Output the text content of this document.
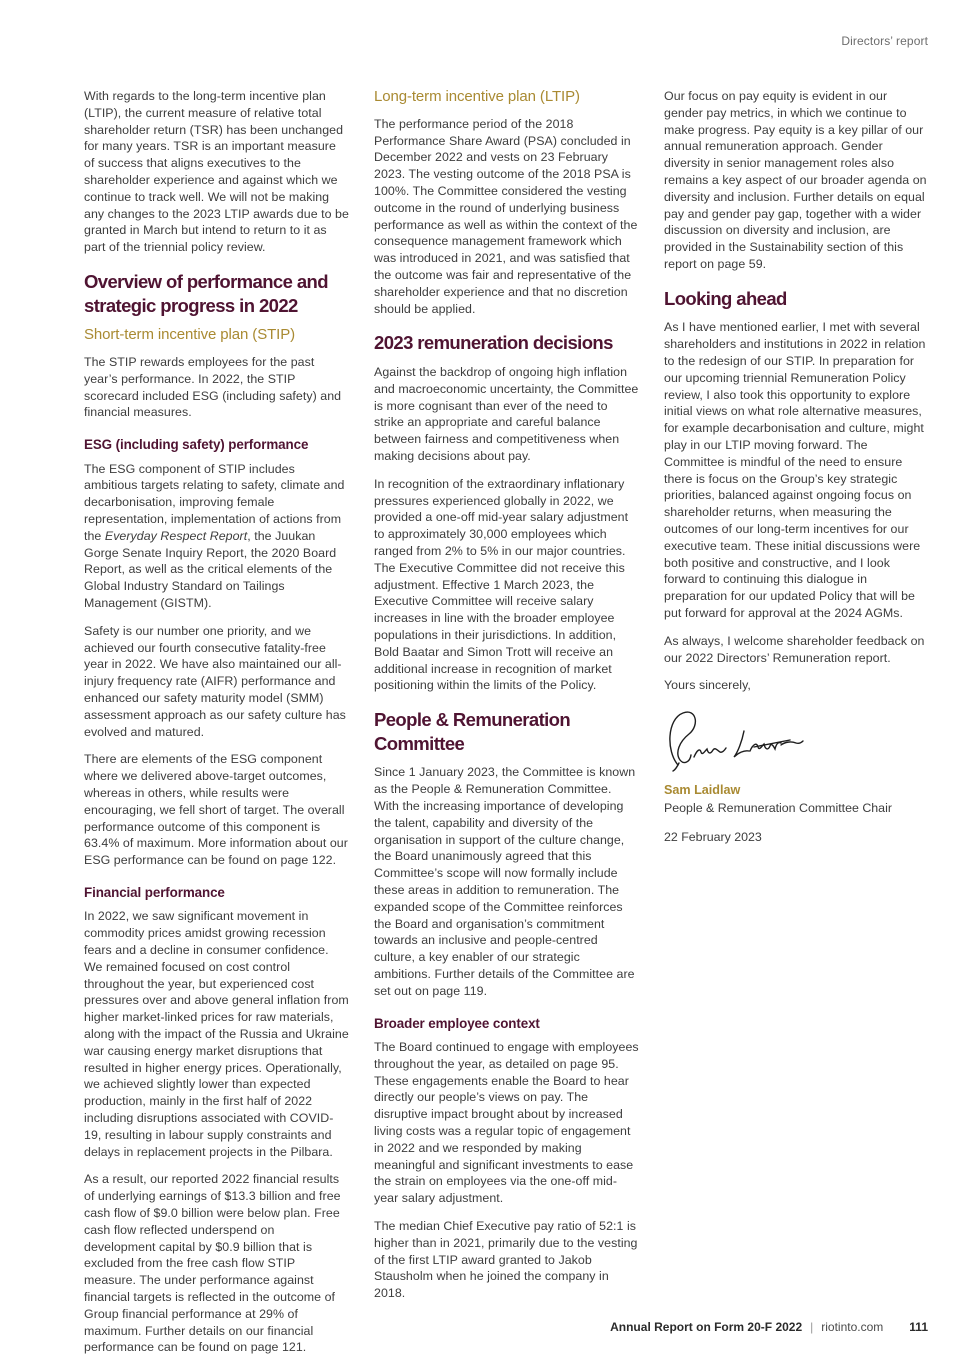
Directors’ report

With regards to the long-term incentive plan (LTIP), the current measure of relative total shareholder return (TSR) has been unchanged for many years. TSR is an important measure of success that aligns executives to the shareholder experience and against which we continue to track well. We will not be making any changes to the 2023 LTIP awards due to be granted in March but intend to return to it as part of the triennial policy review.

Overview of performance and strategic progress in 2022
Short-term incentive plan (STIP)

The STIP rewards employees for the past year’s performance. In 2022, the STIP scorecard included ESG (including safety) and financial measures.

ESG (including safety) performance

The ESG component of STIP includes ambitious targets relating to safety, climate and decarbonisation, improving female representation, implementation of actions from the Everyday Respect Report, the Juukan Gorge Senate Inquiry Report, the 2020 Board Report, as well as the critical elements of the Global Industry Standard on Tailings Management (GISTM).

Safety is our number one priority, and we achieved our fourth consecutive fatality-free year in 2022. We have also maintained our all-injury frequency rate (AIFR) performance and enhanced our safety maturity model (SMM) assessment approach as our safety culture has evolved and matured.

There are elements of the ESG component where we delivered above-target outcomes, whereas in others, while results were encouraging, we fell short of target. The overall performance outcome of this component is 63.4% of maximum. More information about our ESG performance can be found on page 122.

Financial performance

In 2022, we saw significant movement in commodity prices amidst growing recession fears and a decline in consumer confidence. We remained focused on cost control throughout the year, but experienced cost pressures over and above general inflation from higher market-linked prices for raw materials, along with the impact of the Russia and Ukraine war causing energy market disruptions that resulted in higher energy prices. Operationally, we achieved slightly lower than expected production, mainly in the first half of 2022 including disruptions associated with COVID-19, resulting in labour supply constraints and delays in replacement projects in the Pilbara.

As a result, our reported 2022 financial results of underlying earnings of $13.3 billion and free cash flow of $9.0 billion were below plan. Free cash flow reflected underspend on development capital by $0.9 billion that is excluded from the free cash flow STIP measure. The under performance against financial targets is reflected in the outcome of Group financial performance at 29% of maximum. Further details on our financial performance can be found on page 121.

Long-term incentive plan (LTIP)

The performance period of the 2018 Performance Share Award (PSA) concluded in December 2022 and vests on 23 February 2023. The vesting outcome of the 2018 PSA is 100%. The Committee considered the vesting outcome in the round of underlying business performance as well as within the context of the consequence management framework which was introduced in 2021, and was satisfied that the outcome was fair and representative of the shareholder experience and that no discretion should be applied.

2023 remuneration decisions

Against the backdrop of ongoing high inflation and macroeconomic uncertainty, the Committee is more cognisant than ever of the need to strike an appropriate and careful balance between fairness and competitiveness when making decisions about pay.

In recognition of the extraordinary inflationary pressures experienced globally in 2022, we provided a one-off mid-year salary adjustment to approximately 30,000 employees which ranged from 2% to 5% in our major countries. The Executive Committee did not receive this adjustment. Effective 1 March 2023, the Executive Committee will receive salary increases in line with the broader employee populations in their jurisdictions. In addition, Bold Baatar and Simon Trott will receive an additional increase in recognition of market positioning within the limits of the Policy.

People & Remuneration Committee

Since 1 January 2023, the Committee is known as the People & Remuneration Committee. With the increasing importance of developing the talent, capability and diversity of the organisation in support of the culture change, the Board unanimously agreed that this Committee’s scope will now formally include these areas in addition to remuneration. The expanded scope of the Committee reinforces the Board and organisation’s commitment towards an inclusive and people-centred culture, a key enabler of our strategic ambitions. Further details of the Committee are set out on page 119.

Broader employee context

The Board continued to engage with employees throughout the year, as detailed on page 95. These engagements enable the Board to hear directly our people’s views on pay. The disruptive impact brought about by increased living costs was a regular topic of engagement in 2022 and we responded by making meaningful and significant investments to ease the strain on employees via the one-off mid-year salary adjustment.

The median Chief Executive pay ratio of 52:1 is higher than in 2021, primarily due to the vesting of the first LTIP award granted to Jakob Stausholm when he joined the company in 2018.

Our focus on pay equity is evident in our gender pay metrics, in which we continue to make progress. Pay equity is a key pillar of our annual remuneration approach. Gender diversity in senior management roles also remains a key aspect of our broader agenda on diversity and inclusion. Further details on equal pay and gender pay gap, together with a wider discussion on diversity and inclusion, are provided in the Sustainability section of this report on page 59.

Looking ahead

As I have mentioned earlier, I met with several shareholders and institutions in 2022 in relation to the redesign of our STIP. In preparation for our upcoming triennial Remuneration Policy review, I also took this opportunity to explore initial views on what role alternative measures, for example decarbonisation and culture, might play in our LTIP moving forward. The Committee is mindful of the need to ensure there is focus on the Group’s key strategic priorities, balanced against ongoing focus on shareholder returns, when measuring the outcomes of our long-term incentives for our executive team. These initial discussions were both positive and constructive, and I look forward to continuing this dialogue in preparation for our updated Policy that will be put forward for approval at the 2024 AGMs.

As always, I welcome shareholder feedback on our 2022 Directors’ Remuneration report.

Yours sincerely,

Sam Laidlaw
People & Remuneration Committee Chair
22 February 2023
Annual Report on Form 20-F 2022 | riotinto.com 111
